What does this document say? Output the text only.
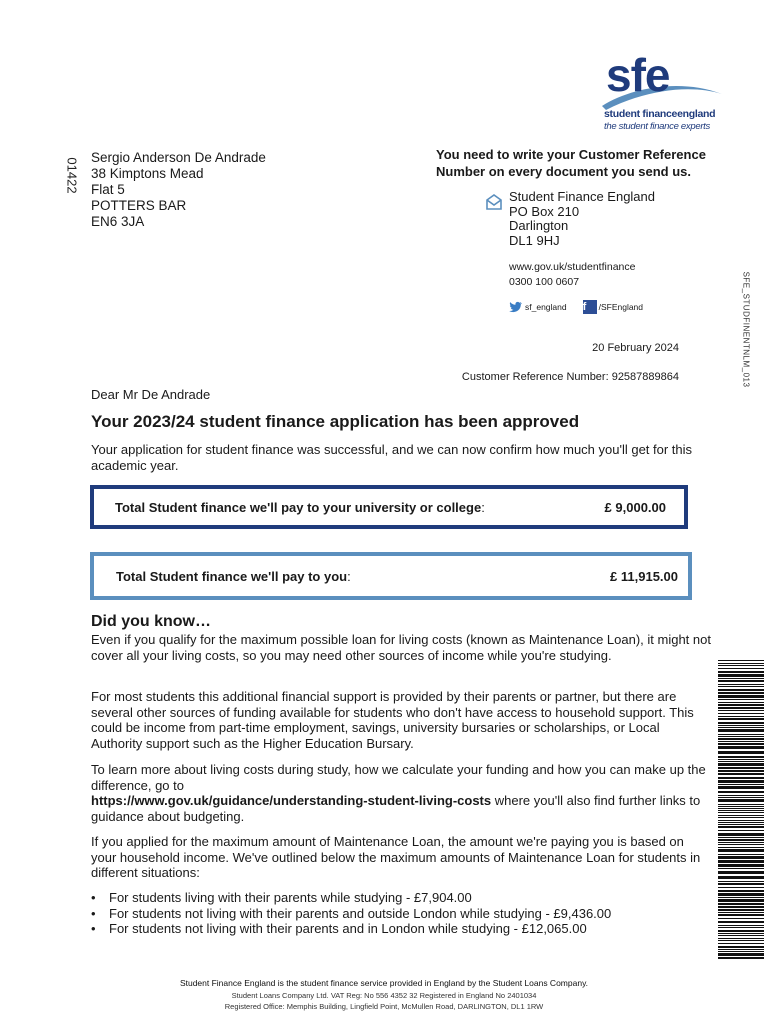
sfe
student financeengland
the student finance experts
01422
SFE_STUDFINENTNLM_013
Sergio Anderson De Andrade
38 Kimptons Mead
Flat 5
POTTERS BAR
EN6 3JA
You need to write your Customer Reference Number on every document you send us.
Student Finance England
PO Box 210
Darlington
DL1 9HJ
www.gov.uk/studentfinance
0300 100 0607
sf_england f	/SFEngland
20 February 2024
Customer Reference Number: 92587889864
Dear Mr De Andrade
Your 2023/24 student finance application has been approved
Your application for student finance was successful, and we can now confirm how much you'll get for this academic year.
Total Student finance we'll pay to your university or college :	£ 9,000.00
Total Student finance we'll pay to you :	£ 11,915.00
Did you know…
Even if you qualify for the maximum possible loan for living costs (known as Maintenance Loan), it might not cover all your living costs, so you may need other sources of income while you're studying.
For most students this additional financial support is provided by their parents or partner, but there are several other sources of funding available for students who don't have access to household support. This could be income from part-time employment, savings, university bursaries or scholarships, or Local Authority support such as the Higher Education Bursary.
To learn more about living costs during study, how we calculate your funding and how you can make up the difference, go to
https://www.gov.uk/guidance/understanding-student-living-costs where you'll also find further links to guidance about budgeting.
If you applied for the maximum amount of Maintenance Loan, the amount we're paying you is based on your household income. We've outlined below the maximum amounts of Maintenance Loan for students in different situations:
•	For students living with their parents while studying - £7,904.00
•	For students not living with their parents and outside London while studying - £9,436.00
•	For students not living with their parents and in London while studying - £12,065.00
Student Finance England is the student finance service provided in England by the Student Loans Company.
Student Loans Company Ltd. VAT Reg: No 556 4352 32 Registered in England No 2401034
Registered Office: Memphis Building, Lingfield Point, McMullen Road, DARLINGTON, DL1 1RW
